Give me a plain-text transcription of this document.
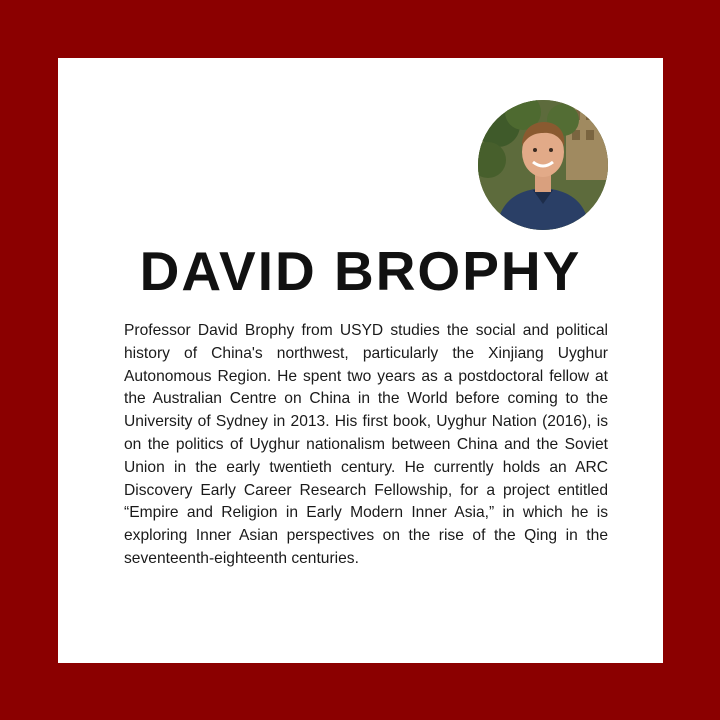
DAVID BROPHY

Professor David Brophy from USYD studies the social and political history of China's northwest, particularly the Xinjiang Uyghur Autonomous Region. He spent two years as a postdoctoral fellow at the Australian Centre on China in the World before coming to the University of Sydney in 2013. His first book, Uyghur Nation (2016), is on the politics of Uyghur nationalism between China and the Soviet Union in the early twentieth century. He currently holds an ARC Discovery Early Career Research Fellowship, for a project entitled “Empire and Religion in Early Modern Inner Asia,” in which he is exploring Inner Asian perspectives on the rise of the Qing in the seventeenth-eighteenth centuries.
